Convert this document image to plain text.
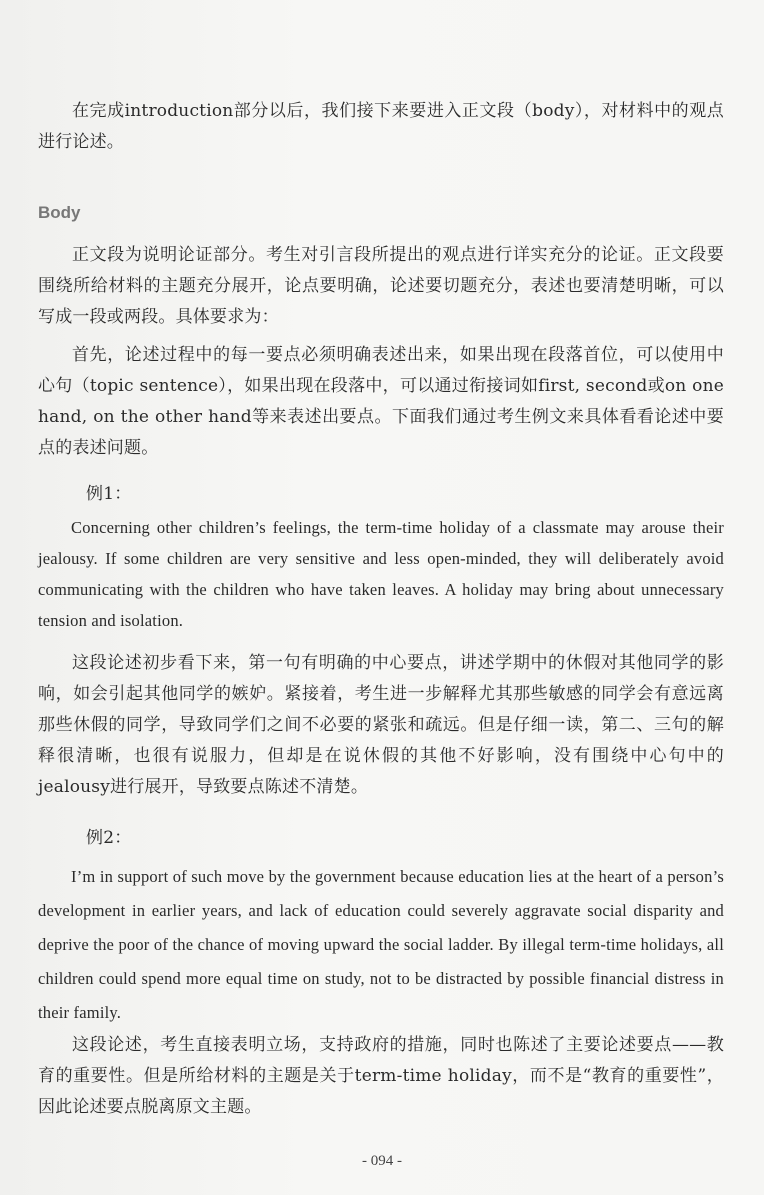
在完成introduction部分以后，我们接下来要进入正文段（body），对材料中的观点进行论述。

Body

正文段为说明论证部分。考生对引言段所提出的观点进行详实充分的论证。正文段要围绕所给材料的主题充分展开，论点要明确，论述要切题充分，表述也要清楚明晰，可以写成一段或两段。具体要求为：

首先，论述过程中的每一要点必须明确表述出来，如果出现在段落首位，可以使用中心句（topic sentence），如果出现在段落中，可以通过衔接词如first, second或on one hand, on the other hand等来表述出要点。下面我们通过考生例文来具体看看论述中要点的表述问题。

例1：

Concerning other children’s feelings, the term-time holiday of a classmate may arouse their jealousy. If some children are very sensitive and less open-minded, they will deliberately avoid communicating with the children who have taken leaves. A holiday may bring about unnecessary tension and isolation.

这段论述初步看下来，第一句有明确的中心要点，讲述学期中的休假对其他同学的影响，如会引起其他同学的嫉妒。紧接着，考生进一步解释尤其那些敏感的同学会有意远离那些休假的同学，导致同学们之间不必要的紧张和疏远。但是仔细一读，第二、三句的解释很清晰，也很有说服力，但却是在说休假的其他不好影响，没有围绕中心句中的jealousy进行展开，导致要点陈述不清楚。

例2：

I’m in support of such move by the government because education lies at the heart of a person’s development in earlier years, and lack of education could severely aggravate social disparity and deprive the poor of the chance of moving upward the social ladder. By illegal term-time holidays, all children could spend more equal time on study, not to be distracted by possible financial distress in their family.

这段论述，考生直接表明立场，支持政府的措施，同时也陈述了主要论述要点——教育的重要性。但是所给材料的主题是关于term-time holiday，而不是“教育的重要性”，因此论述要点脱离原文主题。

- 094 -
